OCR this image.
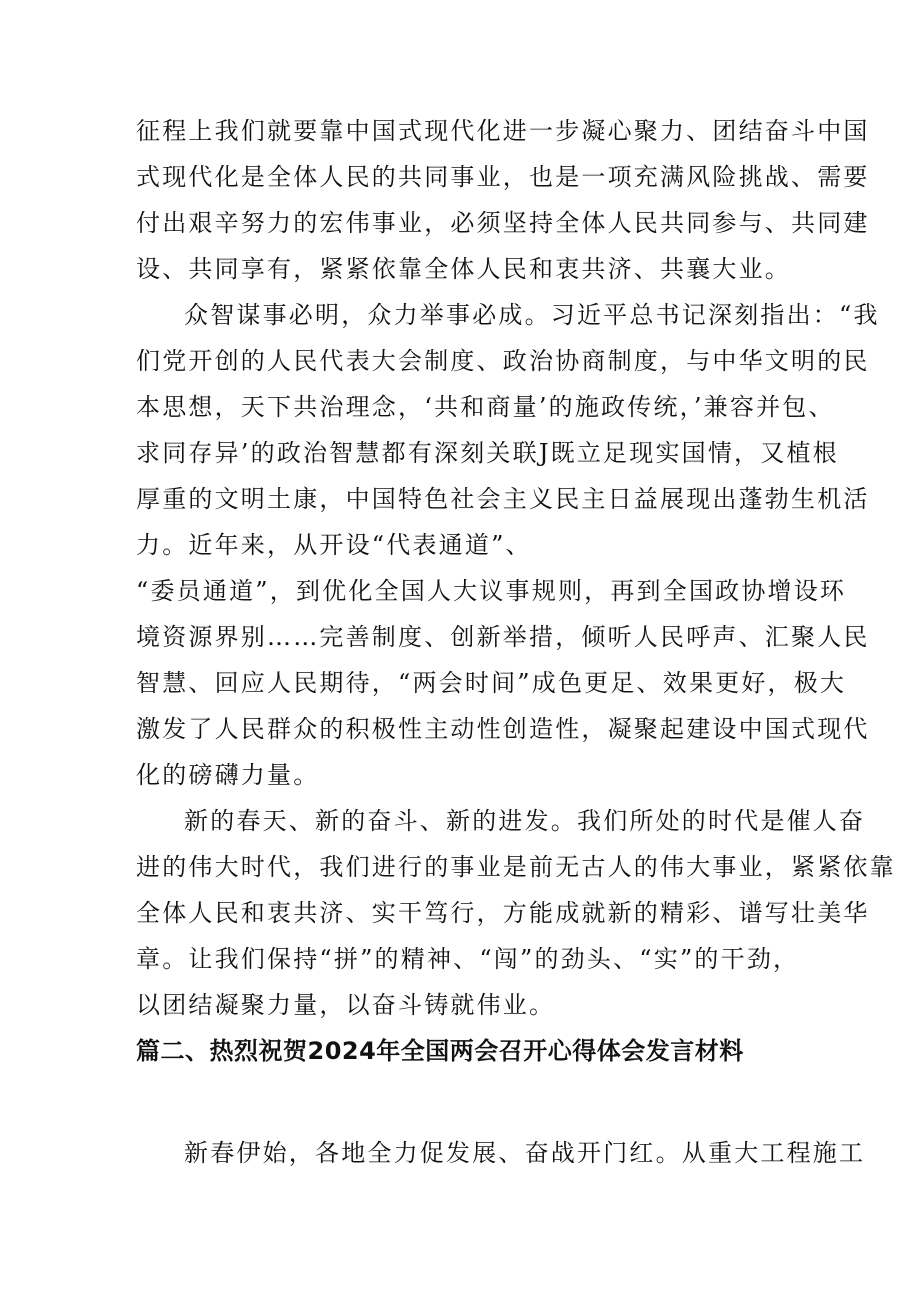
征程上我们就要靠中国式现代化进一步凝心聚力、团结奋斗中国
式现代化是全体人民的共同事业，也是一项充满风险挑战、需要
付出艰辛努力的宏伟事业，必须坚持全体人民共同参与、共同建
设、共同享有，紧紧依靠全体人民和衷共济、共襄大业。
众智谋事必明，众力举事必成。习近平总书记深刻指出：“我
们党开创的人民代表大会制度、政治协商制度，与中华文明的民
本思想，天下共治理念，‘共和商量’的施政传统，’兼容并包、
求同存异’的政治智慧都有深刻关联J既立足现实国情，又植根
厚重的文明土康，中国特色社会主义民主日益展现出蓬勃生机活
力。近年来，从开设“代表通道”、
“委员通道”，到优化全国人大议事规则，再到全国政协增设环
境资源界别……完善制度、创新举措，倾听人民呼声、汇聚人民
智慧、回应人民期待，“两会时间”成色更足、效果更好，极大
激发了人民群众的积极性主动性创造性，凝聚起建设中国式现代
化的磅礴力量。
新的春天、新的奋斗、新的进发。我们所处的时代是催人奋
进的伟大时代，我们进行的事业是前无古人的伟大事业，紧紧依靠
全体人民和衷共济、实干笃行，方能成就新的精彩、谱写壮美华
章。让我们保持“拼”的精神、“闯”的劲头、“实”的干劲，
以团结凝聚力量，以奋斗铸就伟业。
篇二、热烈祝贺2024年全国两会召开心得体会发言材料
新春伊始，各地全力促发展、奋战开门红。从重大工程施工
